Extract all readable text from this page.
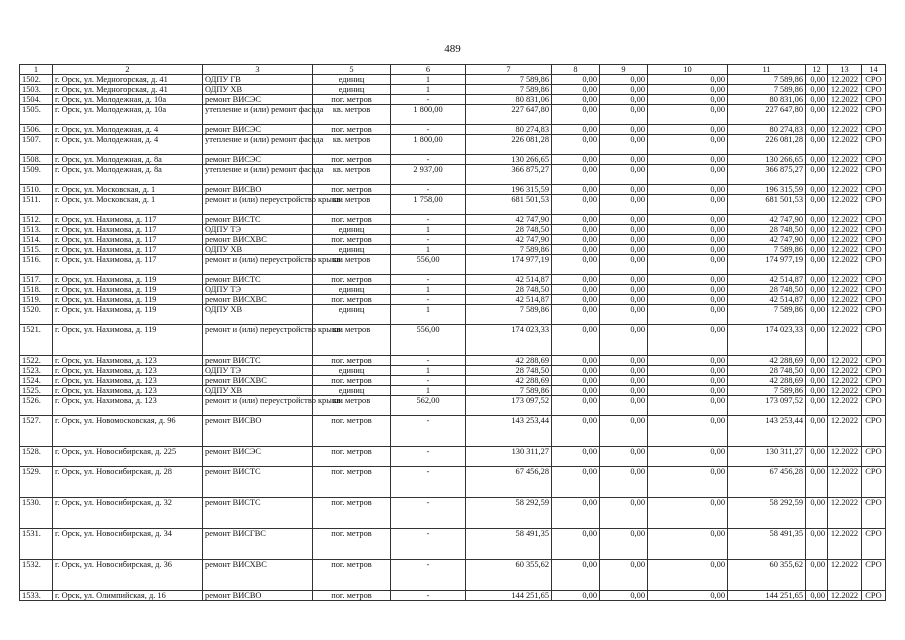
489
1	2	3	5	6	7	8	9	10	11	12	13	14
1502.	г. Орск, ул. Медногорская, д. 41	ОДПУ ГВ	единиц	1	7 589,86	0,00	0,00	0,00	7 589,86	0,00	12.2022	СРО
1503.	г. Орск, ул. Медногорская, д. 41	ОДПУ ХВ	единиц	1	7 589,86	0,00	0,00	0,00	7 589,86	0,00	12.2022	СРО
1504.	г. Орск, ул. Молодежная, д. 10а	ремонт ВИСЭС	пог. метров	-	80 831,06	0,00	0,00	0,00	80 831,06	0,00	12.2022	СРО
1505.	г. Орск, ул. Молодежная, д. 10а	утепление и (или) ремонт фасада	кв. метров	1 800,00	227 647,80	0,00	0,00	0,00	227 647,80	0,00	12.2022	СРО
1506.	г. Орск, ул. Молодежная, д. 4	ремонт ВИСЭС	пог. метров	-	80 274,83	0,00	0,00	0,00	80 274,83	0,00	12.2022	СРО
1507.	г. Орск, ул. Молодежная, д. 4	утепление и (или) ремонт фасада	кв. метров	1 800,00	226 081,28	0,00	0,00	0,00	226 081,28	0,00	12.2022	СРО
1508.	г. Орск, ул. Молодежная, д. 8а	ремонт ВИСЭС	пог. метров	-	130 266,65	0,00	0,00	0,00	130 266,65	0,00	12.2022	СРО
1509.	г. Орск, ул. Молодежная, д. 8а	утепление и (или) ремонт фасада	кв. метров	2 937,00	366 875,27	0,00	0,00	0,00	366 875,27	0,00	12.2022	СРО
1510.	г. Орск, ул. Московская, д. 1	ремонт ВИСВО	пог. метров	-	196 315,59	0,00	0,00	0,00	196 315,59	0,00	12.2022	СРО
1511.	г. Орск, ул. Московская, д. 1	ремонт и (или) переустройство крыши	кв. метров	1 758,00	681 501,53	0,00	0,00	0,00	681 501,53	0,00	12.2022	СРО
1512.	г. Орск, ул. Нахимова, д. 117	ремонт ВИСТС	пог. метров	-	42 747,90	0,00	0,00	0,00	42 747,90	0,00	12.2022	СРО
1513.	г. Орск, ул. Нахимова, д. 117	ОДПУ ТЭ	единиц	1	28 748,50	0,00	0,00	0,00	28 748,50	0,00	12.2022	СРО
1514.	г. Орск, ул. Нахимова, д. 117	ремонт ВИСХВС	пог. метров	-	42 747,90	0,00	0,00	0,00	42 747,90	0,00	12.2022	СРО
1515.	г. Орск, ул. Нахимова, д. 117	ОДПУ ХВ	единиц	1	7 589,86	0,00	0,00	0,00	7 589,86	0,00	12.2022	СРО
1516.	г. Орск, ул. Нахимова, д. 117	ремонт и (или) переустройство крыши	кв. метров	556,00	174 977,19	0,00	0,00	0,00	174 977,19	0,00	12.2022	СРО
1517.	г. Орск, ул. Нахимова, д. 119	ремонт ВИСТС	пог. метров	-	42 514,87	0,00	0,00	0,00	42 514,87	0,00	12.2022	СРО
1518.	г. Орск, ул. Нахимова, д. 119	ОДПУ ТЭ	единиц	1	28 748,50	0,00	0,00	0,00	28 748,50	0,00	12.2022	СРО
1519.	г. Орск, ул. Нахимова, д. 119	ремонт ВИСХВС	пог. метров	-	42 514,87	0,00	0,00	0,00	42 514,87	0,00	12.2022	СРО
1520.	г. Орск, ул. Нахимова, д. 119	ОДПУ ХВ	единиц	1	7 589,86	0,00	0,00	0,00	7 589,86	0,00	12.2022	СРО
1521.	г. Орск, ул. Нахимова, д. 119	ремонт и (или) переустройство крыши	кв. метров	556,00	174 023,33	0,00	0,00	0,00	174 023,33	0,00	12.2022	СРО
1522.	г. Орск, ул. Нахимова, д. 123	ремонт ВИСТС	пог. метров	-	42 288,69	0,00	0,00	0,00	42 288,69	0,00	12.2022	СРО
1523.	г. Орск, ул. Нахимова, д. 123	ОДПУ ТЭ	единиц	1	28 748,50	0,00	0,00	0,00	28 748,50	0,00	12.2022	СРО
1524.	г. Орск, ул. Нахимова, д. 123	ремонт ВИСХВС	пог. метров	-	42 288,69	0,00	0,00	0,00	42 288,69	0,00	12.2022	СРО
1525.	г. Орск, ул. Нахимова, д. 123	ОДПУ ХВ	единиц	1	7 589,86	0,00	0,00	0,00	7 589,86	0,00	12.2022	СРО
1526.	г. Орск, ул. Нахимова, д. 123	ремонт и (или) переустройство крыши	кв. метров	562,00	173 097,52	0,00	0,00	0,00	173 097,52	0,00	12.2022	СРО
1527.	г. Орск, ул. Новомосковская, д. 96	ремонт ВИСВО	пог. метров	-	143 253,44	0,00	0,00	0,00	143 253,44	0,00	12.2022	СРО
1528.	г. Орск, ул. Новосибирская, д. 225	ремонт ВИСЭС	пог. метров	-	130 311,27	0,00	0,00	0,00	130 311,27	0,00	12.2022	СРО
1529.	г. Орск, ул. Новосибирская, д. 28	ремонт ВИСТС	пог. метров	-	67 456,28	0,00	0,00	0,00	67 456,28	0,00	12.2022	СРО
1530.	г. Орск, ул. Новосибирская, д. 32	ремонт ВИСТС	пог. метров	-	58 292,59	0,00	0,00	0,00	58 292,59	0,00	12.2022	СРО
1531.	г. Орск, ул. Новосибирская, д. 34	ремонт ВИСГВС	пог. метров	-	58 491,35	0,00	0,00	0,00	58 491,35	0,00	12.2022	СРО
1532.	г. Орск, ул. Новосибирская, д. 36	ремонт ВИСХВС	пог. метров	-	60 355,62	0,00	0,00	0,00	60 355,62	0,00	12.2022	СРО
1533.	г. Орск, ул. Олимпийская, д. 16	ремонт ВИСВО	пог. метров	-	144 251,65	0,00	0,00	0,00	144 251,65	0,00	12.2022	СРО
